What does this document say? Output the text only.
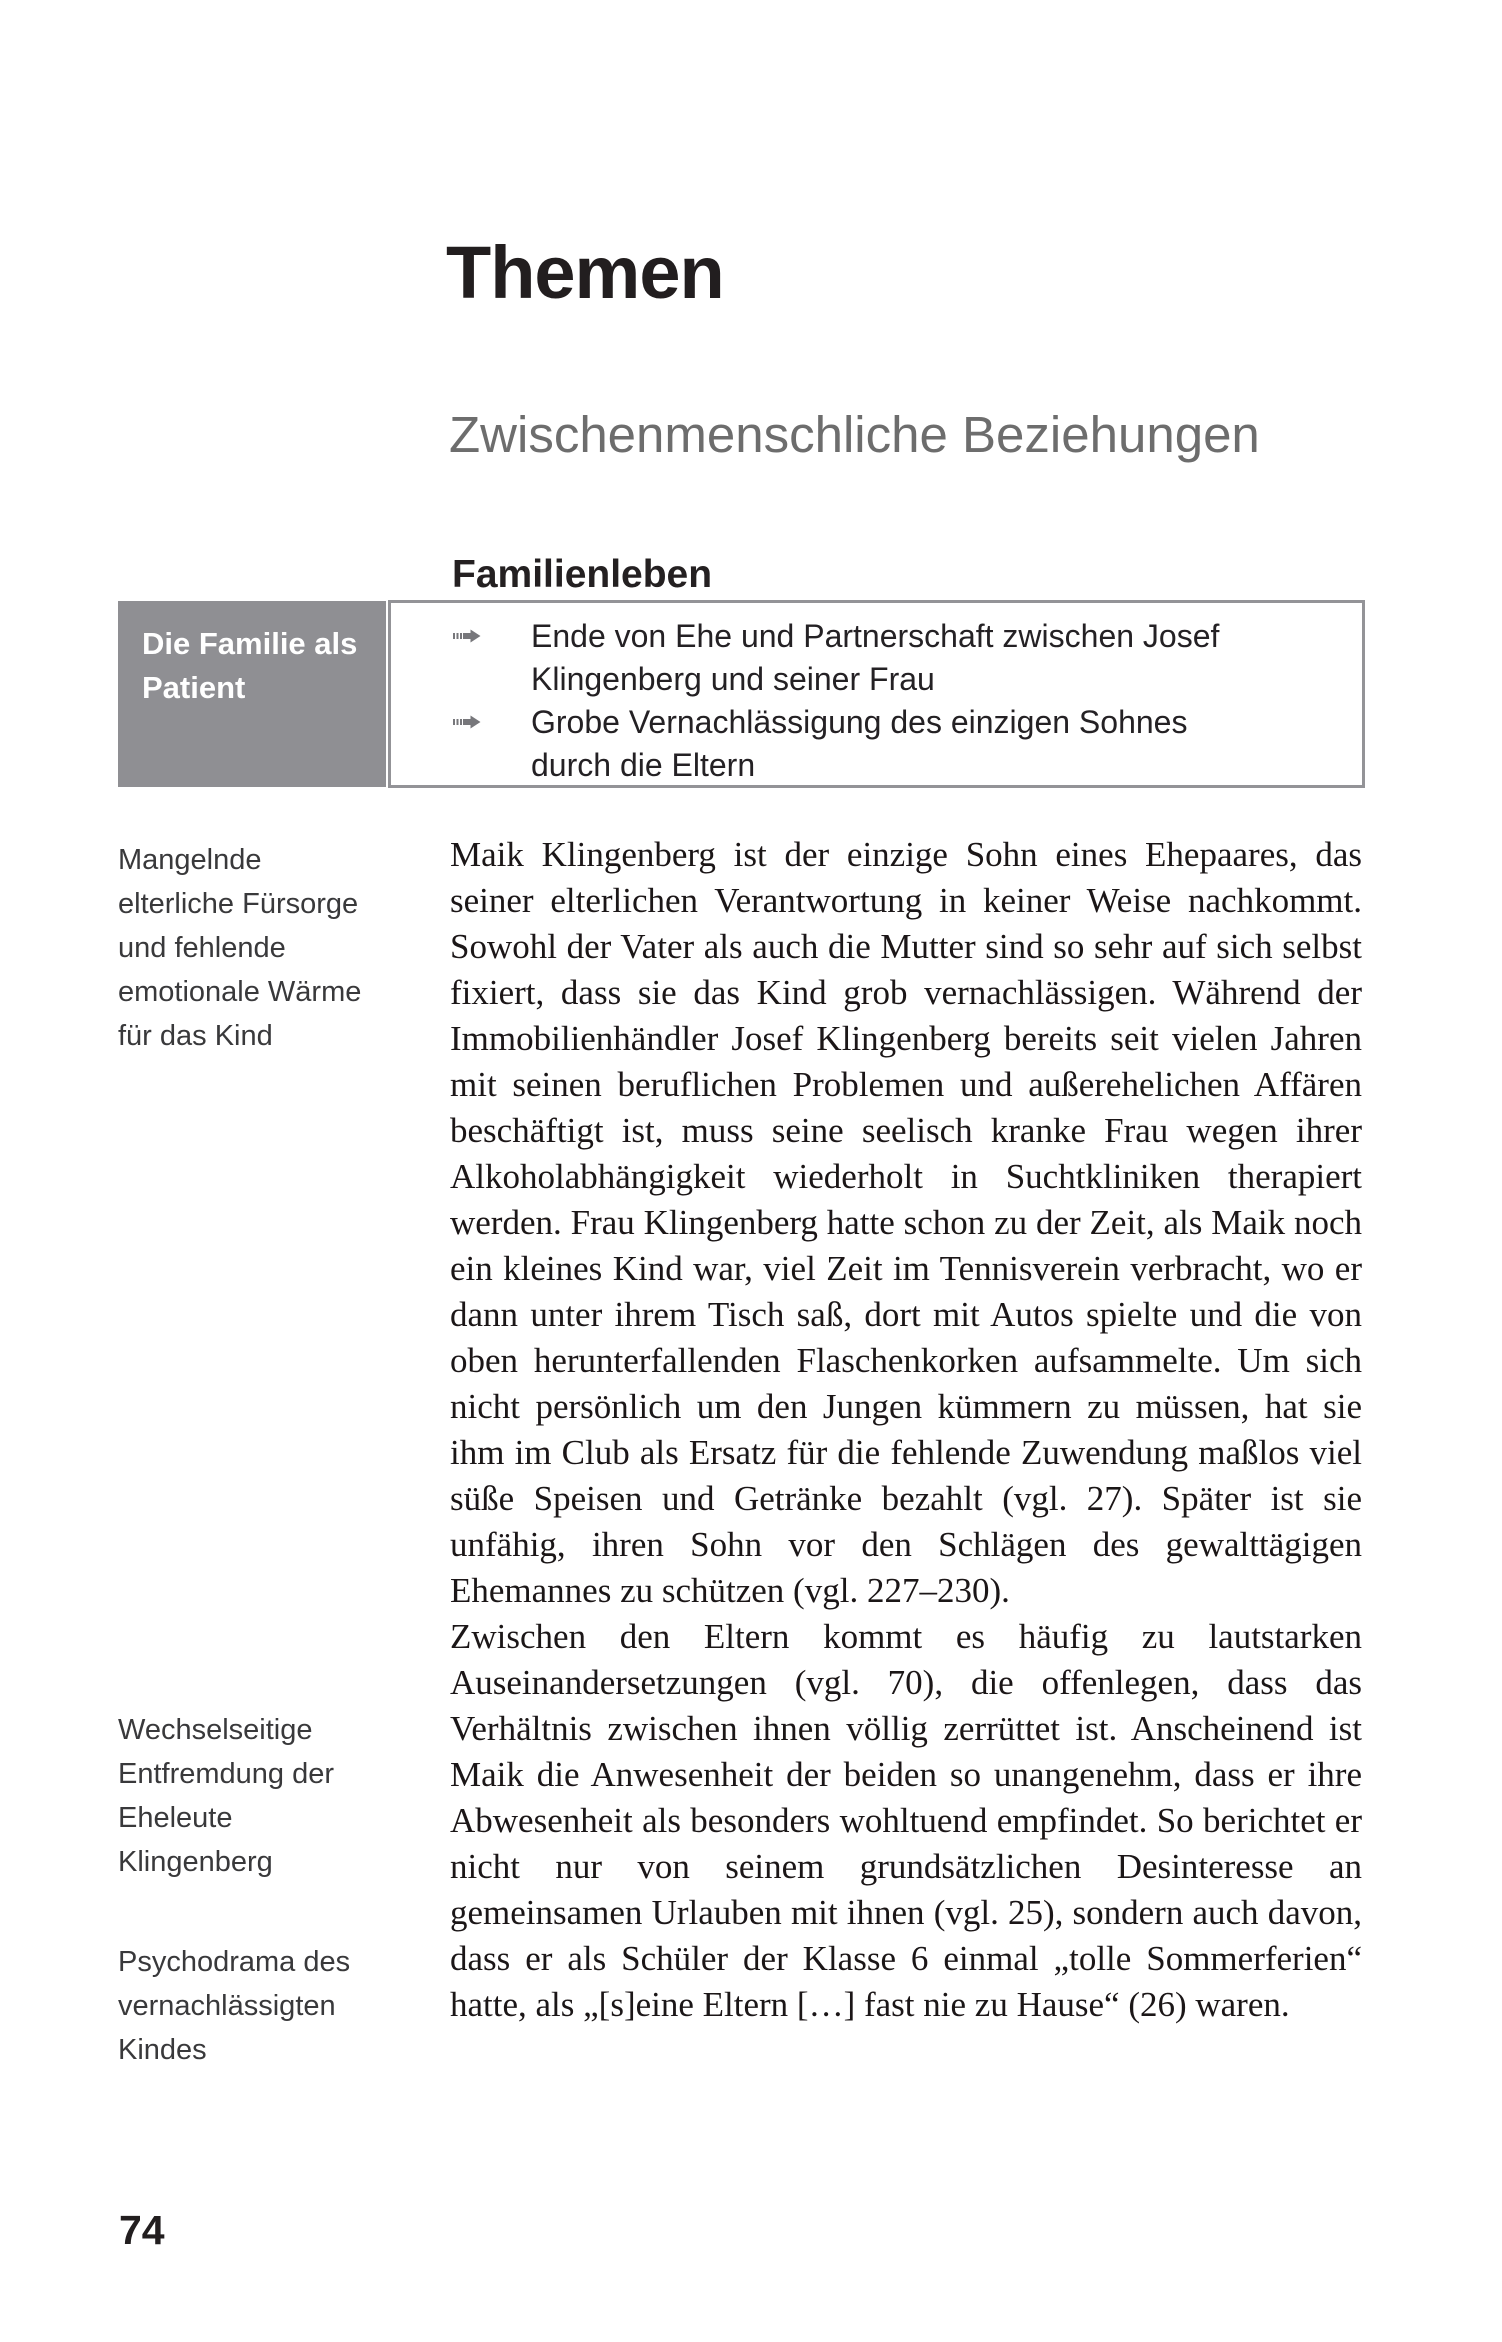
Themen
Zwischenmenschliche Beziehungen
Familienleben
Die Familie als Patient
Ende von Ehe und Partnerschaft zwischen Josef Klingenberg und seiner Frau
Grobe Vernachlässigung des einzigen Sohnes durch die Eltern
Mangelnde elterliche Fürsorge und fehlende emotionale Wärme für das Kind
Wechselseitige Entfremdung der Eheleute Klingenberg
Psychodrama des vernachlässigten Kindes

Maik Klingenberg ist der einzige Sohn eines Ehepaares, das seiner elterlichen Verantwortung in keiner Weise nachkommt. Sowohl der Vater als auch die Mutter sind so sehr auf sich selbst fixiert, dass sie das Kind grob vernachlässigen. Während der Immobilienhändler Josef Klingenberg bereits seit vielen Jahren mit seinen beruflichen Problemen und außerehelichen Affären beschäftigt ist, muss seine seelisch kranke Frau wegen ihrer Alkoholabhängigkeit wiederholt in Suchtkliniken therapiert werden. Frau Klingenberg hatte schon zu der Zeit, als Maik noch ein kleines Kind war, viel Zeit im Tennisverein verbracht, wo er dann unter ihrem Tisch saß, dort mit Autos spielte und die von oben herunterfallenden Flaschenkorken aufsammelte. Um sich nicht persönlich um den Jungen kümmern zu müssen, hat sie ihm im Club als Ersatz für die fehlende Zuwendung maßlos viel süße Speisen und Getränke bezahlt (vgl. 27). Später ist sie unfähig, ihren Sohn vor den Schlägen des gewalttägigen Ehemannes zu schützen (vgl. 227–230).

Zwischen den Eltern kommt es häufig zu lautstarken Auseinandersetzungen (vgl. 70), die offenlegen, dass das Verhältnis zwischen ihnen völlig zerrüttet ist. Anscheinend ist Maik die Anwesenheit der beiden so unangenehm, dass er ihre Abwesenheit als besonders wohltuend empfindet. So berichtet er nicht nur von seinem grundsätzlichen Desinteresse an gemeinsamen Urlauben mit ihnen (vgl. 25), sondern auch davon, dass er als Schüler der Klasse 6 einmal „tolle Sommerferien“ hatte, als „[s]eine Eltern […] fast nie zu Hause“ (26) waren.

74
